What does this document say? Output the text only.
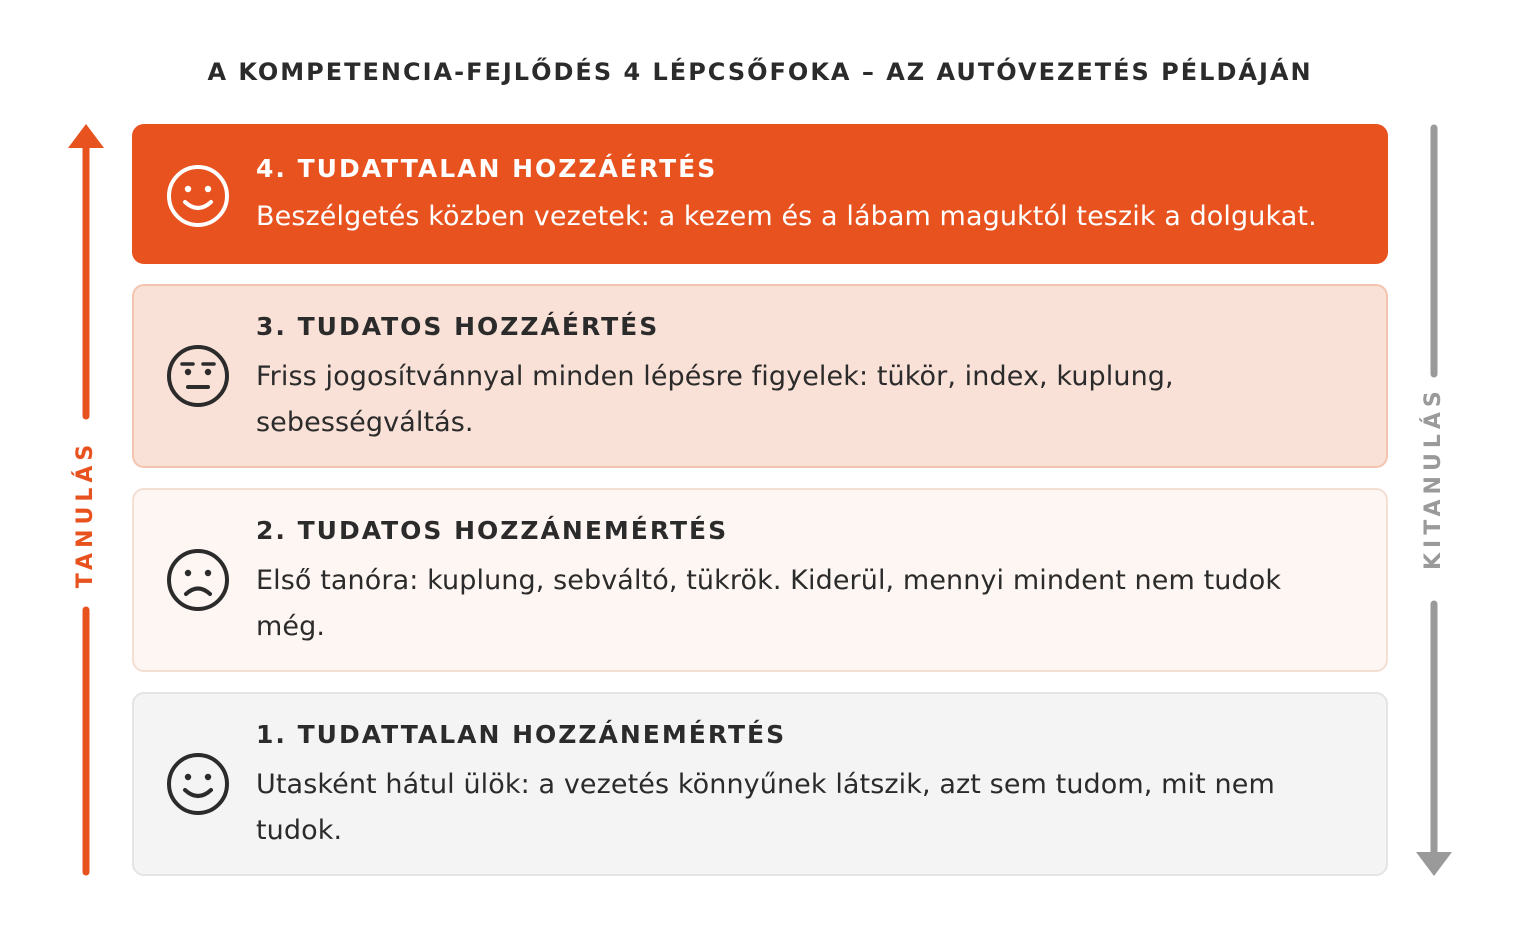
A KOMPETENCIA-FEJLŐDÉS 4 LÉPCSŐFOKA – AZ AUTÓVEZETÉS PÉLDÁJÁN
TANULÁS	KITANULÁS
4. TUDATTALAN HOZZÁÉRTÉS
Beszélgetés közben vezetek: a kezem és a lábam maguktól teszik a dolgukat.
3. TUDATOS HOZZÁÉRTÉS
Friss jogosítvánnyal minden lépésre figyelek: tükör, index, kuplung, sebességváltás.
2. TUDATOS HOZZÁNEMÉRTÉS
Első tanóra: kuplung, sebváltó, tükrök. Kiderül, mennyi mindent nem tudok még.
1. TUDATTALAN HOZZÁNEMÉRTÉS
Utasként hátul ülök: a vezetés könnyűnek látszik, azt sem tudom, mit nem tudok.
